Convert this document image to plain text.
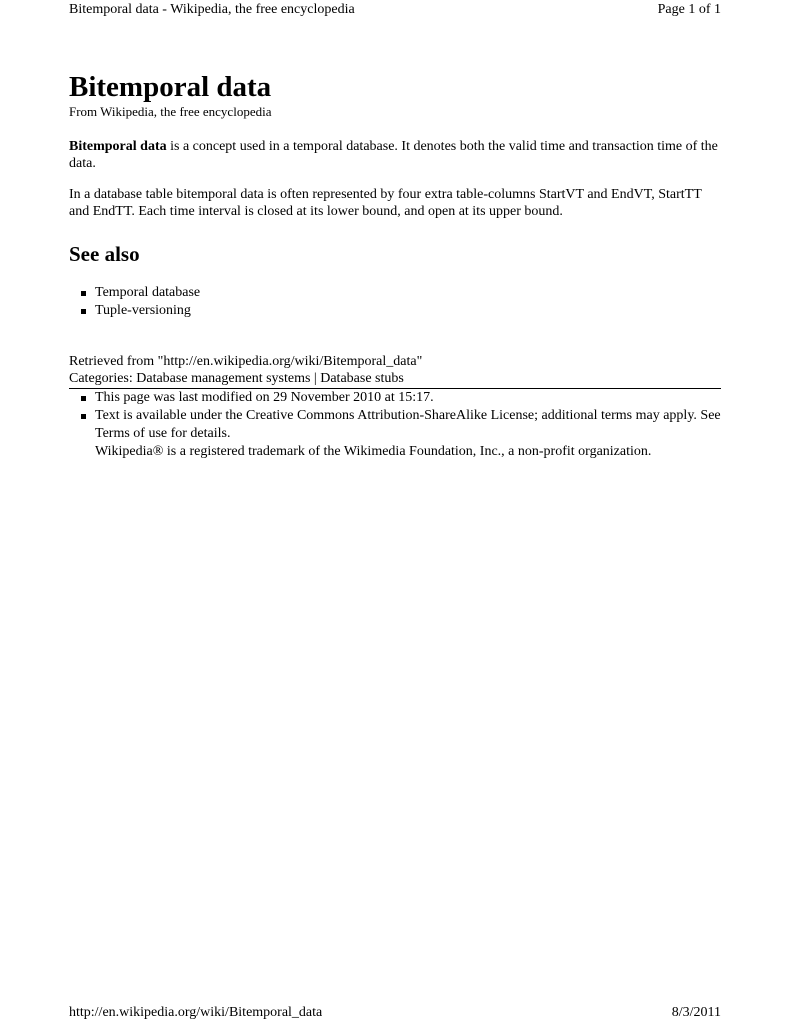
Bitemporal data - Wikipedia, the free encyclopedia	Page 1 of 1
Bitemporal data
From Wikipedia, the free encyclopedia

Bitemporal data is a concept used in a temporal database. It denotes both the valid time and transaction time of the data.

In a database table bitemporal data is often represented by four extra table-columns StartVT and EndVT, StartTT and EndTT. Each time interval is closed at its lower bound, and open at its upper bound.

See also
Temporal database
Tuple-versioning
Retrieved from "http://en.wikipedia.org/wiki/Bitemporal_data"
Categories: Database management systems | Database stubs
This page was last modified on 29 November 2010 at 15:17.
Text is available under the Creative Commons Attribution-ShareAlike License; additional terms may apply. See Terms of use for details.
Wikipedia® is a registered trademark of the Wikimedia Foundation, Inc., a non-profit organization.
http://en.wikipedia.org/wiki/Bitemporal_data	8/3/2011
